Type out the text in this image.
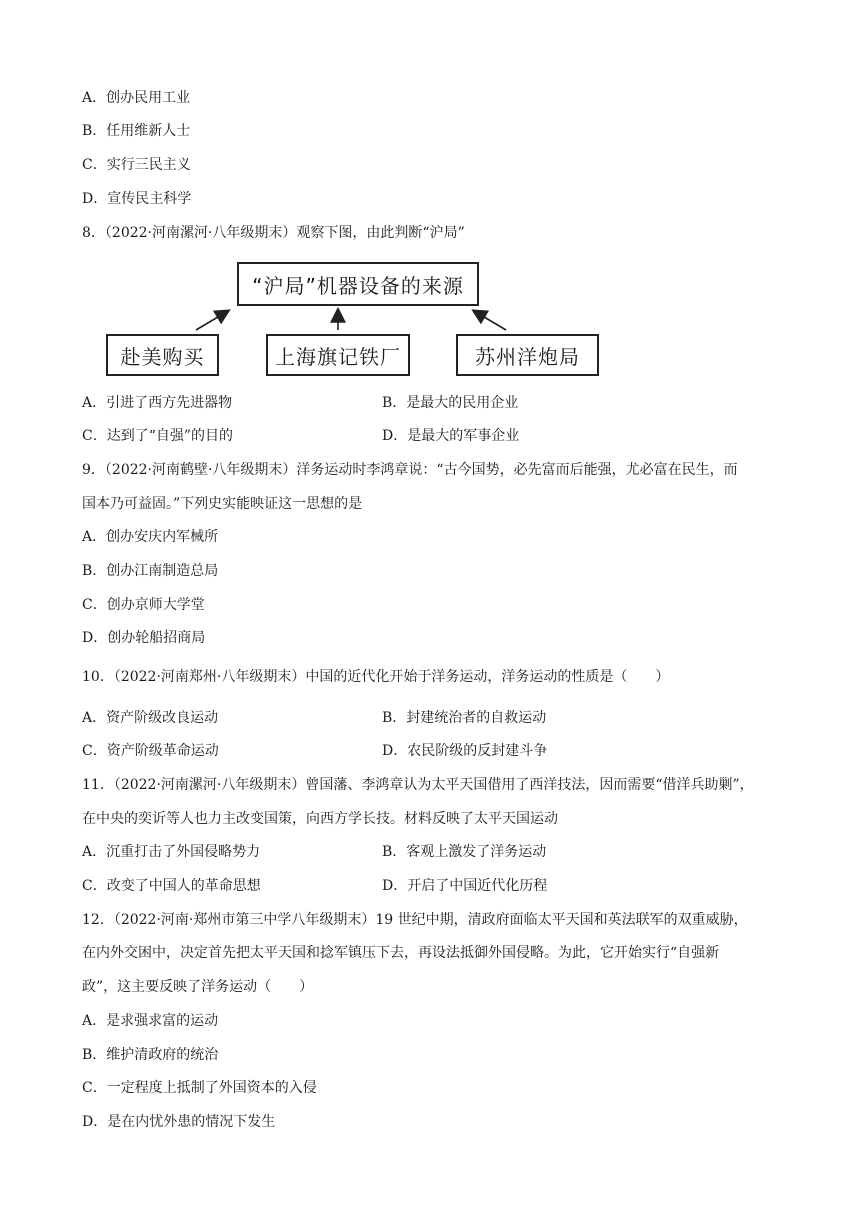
A．创办民用工业
B．任用维新人士
C．实行三民主义
D．宣传民主科学
8．（2022·河南漯河·八年级期末）观察下图，由此判断“沪局”
“沪局”机器设备的来源
赴美购买	上海旗记铁厂	苏州洋炮局
A．引进了西方先进器物	B．是最大的民用企业
C．达到了“自强”的目的	D．是最大的军事企业
9．（2022·河南鹤壁·八年级期末）洋务运动时李鸿章说：“古今国势，必先富而后能强，尤必富在民生，而
国本乃可益固。”下列史实能映证这一思想的是
A．创办安庆内军械所
B．创办江南制造总局
C．创办京师大学堂
D．创办轮船招商局
10．（2022·河南郑州·八年级期末）中国的近代化开始于洋务运动，洋务运动的性质是（　　）
A．资产阶级改良运动	B．封建统治者的自救运动
C．资产阶级革命运动	D．农民阶级的反封建斗争
11．（2022·河南漯河·八年级期末）曾国藩、李鸿章认为太平天国借用了西洋技法，因而需要“借洋兵助剿”，
在中央的奕䜣等人也力主改变国策，向西方学长技。材料反映了太平天国运动
A．沉重打击了外国侵略势力	B．客观上激发了洋务运动
C．改变了中国人的革命思想	D．开启了中国近代化历程
12．（2022·河南·郑州市第三中学八年级期末）19 世纪中期，清政府面临太平天国和英法联军的双重威胁，
在内外交困中，决定首先把太平天国和捻军镇压下去，再设法抵御外国侵略。为此，它开始实行“自强新
政”，这主要反映了洋务运动（　　）
A．是求强求富的运动
B．维护清政府的统治
C．一定程度上抵制了外国资本的入侵
D．是在内忧外患的情况下发生
